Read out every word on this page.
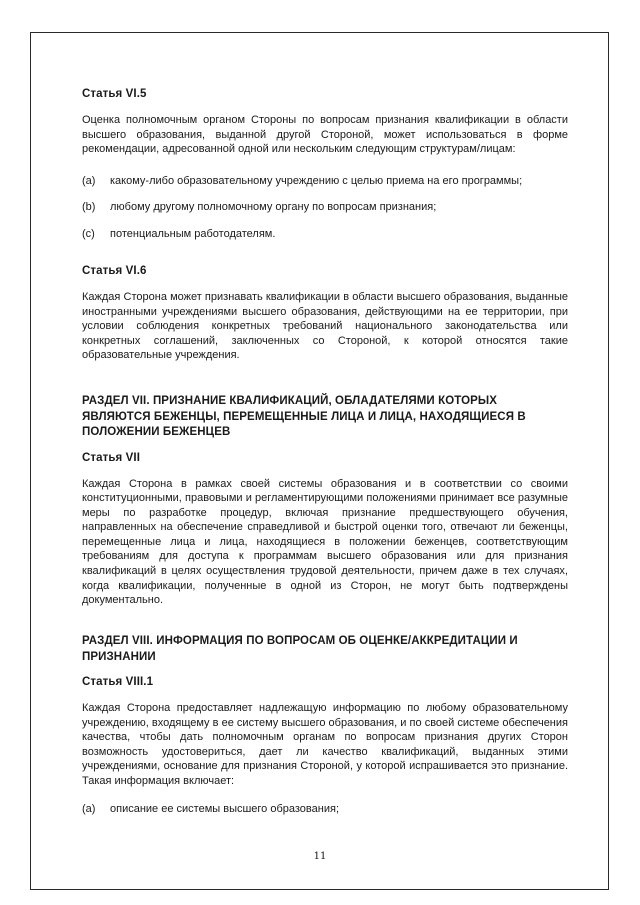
Статья VI.5

Оценка полномочным органом Стороны по вопросам признания квалификации в области высшего образования, выданной другой Стороной, может использоваться в форме рекомендации, адресованной одной или нескольким следующим структурам/лицам:

(a)	какому-либо образовательному учреждению с целью приема на его программы;

(b)	любому другому полномочному органу по вопросам признания;

(c)	потенциальным работодателям.

Статья VI.6

Каждая Сторона может признавать квалификации в области высшего образования, выданные иностранными учреждениями высшего образования, действующими на ее территории, при условии соблюдения конкретных требований национального законодательства или конкретных соглашений, заключенных со Стороной, к которой относятся такие образовательные учреждения.

РАЗДЕЛ VII. ПРИЗНАНИЕ КВАЛИФИКАЦИЙ, ОБЛАДАТЕЛЯМИ КОТОРЫХ ЯВЛЯЮТСЯ БЕЖЕНЦЫ, ПЕРЕМЕЩЕННЫЕ ЛИЦА И ЛИЦА, НАХОДЯЩИЕСЯ В ПОЛОЖЕНИИ БЕЖЕНЦЕВ

Статья VII

Каждая Сторона в рамках своей системы образования и в соответствии со своими конституционными, правовыми и регламентирующими положениями принимает все разумные меры по разработке процедур, включая признание предшествующего обучения, направленных на обеспечение справедливой и быстрой оценки того, отвечают ли беженцы, перемещенные лица и лица, находящиеся в положении беженцев, соответствующим требованиям для доступа к программам высшего образования или для признания квалификаций в целях осуществления трудовой деятельности, причем даже в тех случаях, когда квалификации, полученные в одной из Сторон, не могут быть подтверждены документально.

РАЗДЕЛ VIII. ИНФОРМАЦИЯ ПО ВОПРОСАМ ОБ ОЦЕНКЕ/АККРЕДИТАЦИИ И ПРИЗНАНИИ

Статья VIII.1

Каждая Сторона предоставляет надлежащую информацию по любому образовательному учреждению, входящему в ее систему высшего образования, и по своей системе обеспечения качества, чтобы дать полномочным органам по вопросам признания других Сторон возможность удостовериться, дает ли качество квалификаций, выданных этими учреждениями, основание для признания Стороной, у которой испрашивается это признание. Такая информация включает:

(a)	описание ее системы высшего образования;

11
